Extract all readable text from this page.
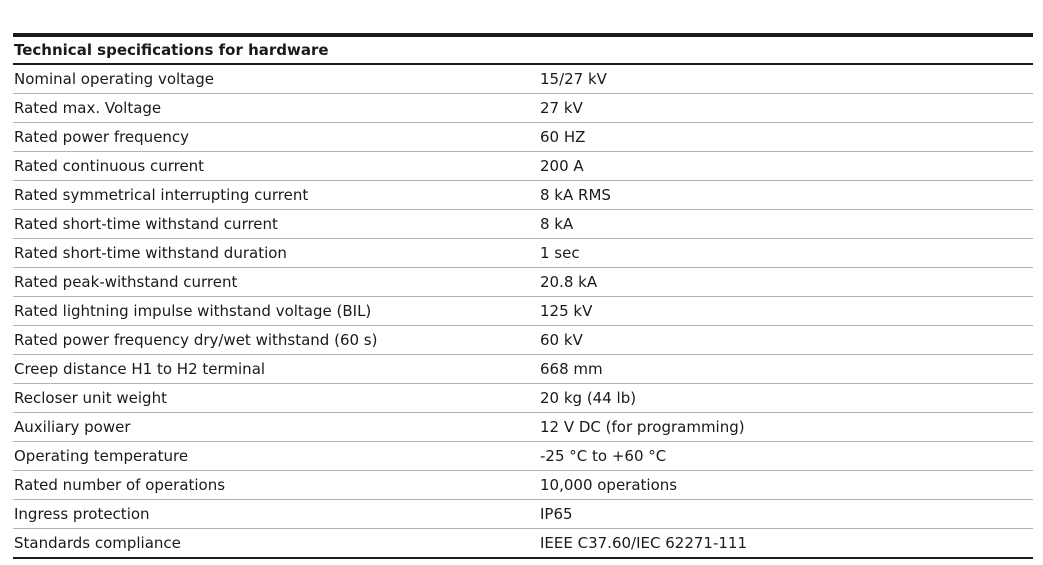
Technical specifications for hardware	
Nominal operating voltage	15/27 kV
Rated max. Voltage	27 kV
Rated power frequency	60 HZ
Rated continuous current	200 A
Rated symmetrical interrupting current	8 kA RMS
Rated short-time withstand current	8 kA
Rated short-time withstand duration	1 sec
Rated peak-withstand current	20.8 kA
Rated lightning impulse withstand voltage (BIL)	125 kV
Rated power frequency dry/wet withstand (60 s)	60 kV
Creep distance H1 to H2 terminal	668 mm
Recloser unit weight	20 kg (44 lb)
Auxiliary power	12 V DC (for programming)
Operating temperature	-25 °C to +60 °C
Rated number of operations	10,000 operations
Ingress protection	IP65
Standards compliance	IEEE C37.60/IEC 62271-111
